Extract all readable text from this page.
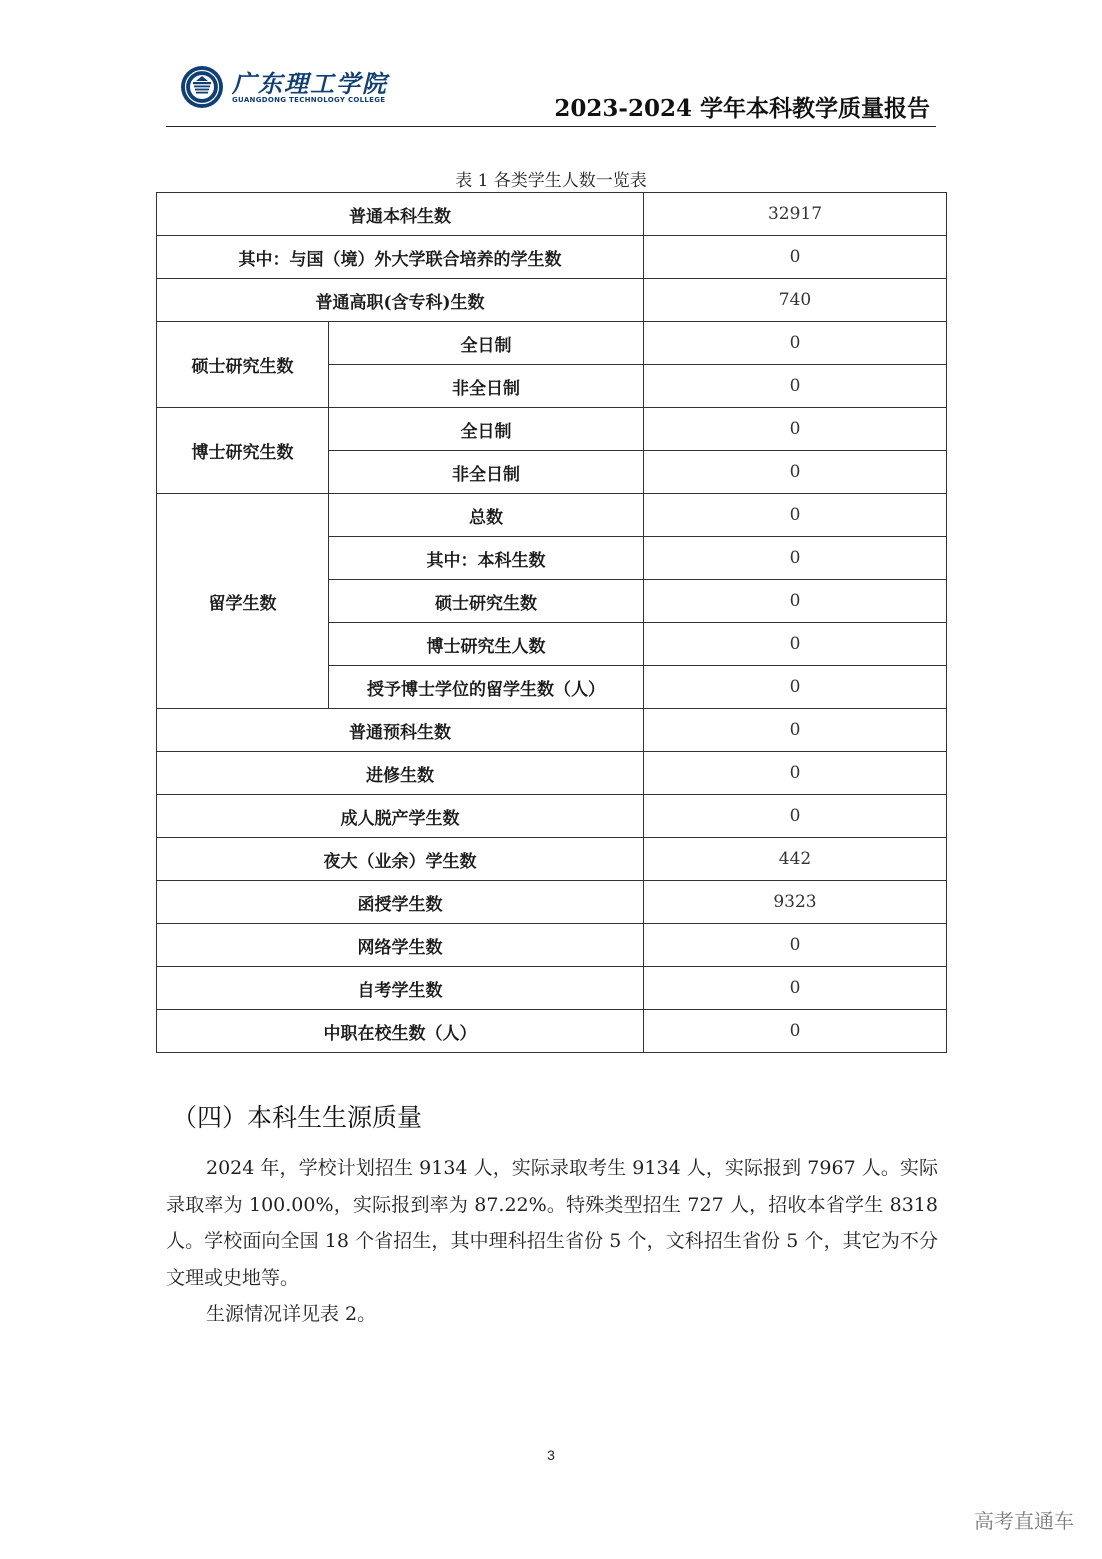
广东理工学院
GUANGDONG TECHNOLOGY COLLEGE	2023-2024 学年本科教学质量报告
表 1 各类学生人数一览表
普通本科生数		32917
其中：与国（境）外大学联合培养的学生数		0
普通高职(含专科)生数		740
硕士研究生数	全日制	0
	非全日制	0
博士研究生数	全日制	0
	非全日制	0
留学生数	总数	0
	其中：本科生数	0
	硕士研究生数	0
	博士研究生人数	0
	授予博士学位的留学生数（人）	0
普通预科生数		0
进修生数		0
成人脱产学生数		0
夜大（业余）学生数		442
函授学生数		9323
网络学生数		0
自考学生数		0
中职在校生数（人）		0
（四）本科生生源质量

2024 年，学校计划招生 9134 人，实际录取考生 9134 人，实际报到 7967 人。实际录取率为 100.00%，实际报到率为 87.22%。特殊类型招生 727 人，招收本省学生 8318 人。学校面向全国 18 个省招生，其中理科招生省份 5 个，文科招生省份 5 个，其它为不分文理或史地等。

生源情况详见表 2。

3
高考直通车
